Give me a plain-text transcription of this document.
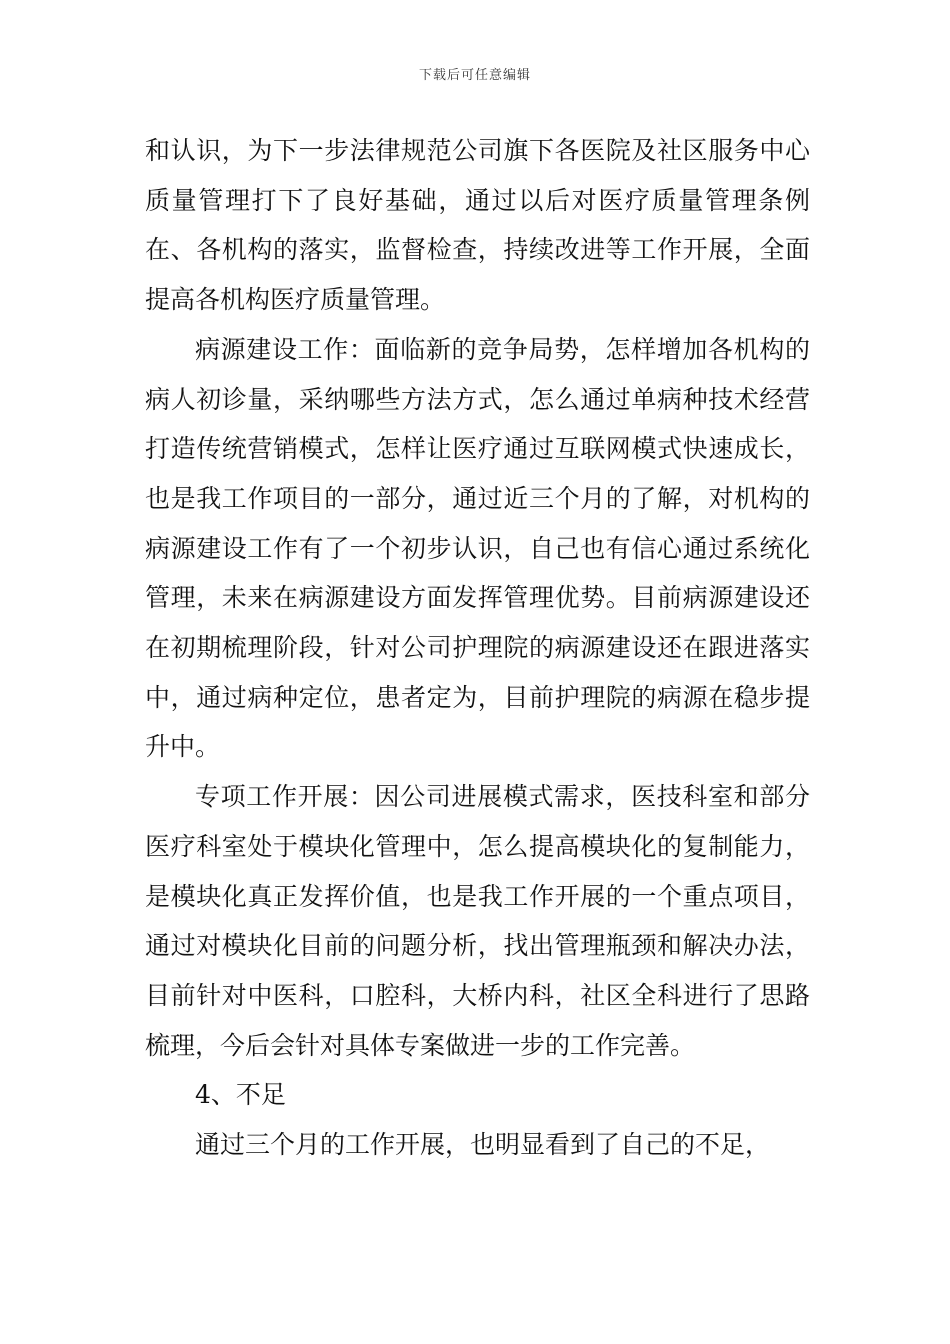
下载后可任意编辑

和认识，为下一步法律规范公司旗下各医院及社区服务中心质量管理打下了良好基础，通过以后对医疗质量管理条例在、各机构的落实，监督检查，持续改进等工作开展，全面提高各机构医疗质量管理。

病源建设工作：面临新的竞争局势，怎样增加各机构的病人初诊量，采纳哪些方法方式，怎么通过单病种技术经营打造传统营销模式，怎样让医疗通过互联网模式快速成长，也是我工作项目的一部分，通过近三个月的了解，对机构的病源建设工作有了一个初步认识，自己也有信心通过系统化管理，未来在病源建设方面发挥管理优势。目前病源建设还在初期梳理阶段，针对公司护理院的病源建设还在跟进落实中，通过病种定位，患者定为，目前护理院的病源在稳步提升中。

专项工作开展：因公司进展模式需求，医技科室和部分医疗科室处于模块化管理中，怎么提高模块化的复制能力，是模块化真正发挥价值，也是我工作开展的一个重点项目，通过对模块化目前的问题分析，找出管理瓶颈和解决办法，目前针对中医科，口腔科，大桥内科，社区全科进行了思路梳理，今后会针对具体专案做进一步的工作完善。

4、不足

通过三个月的工作开展，也明显看到了自己的不足，
